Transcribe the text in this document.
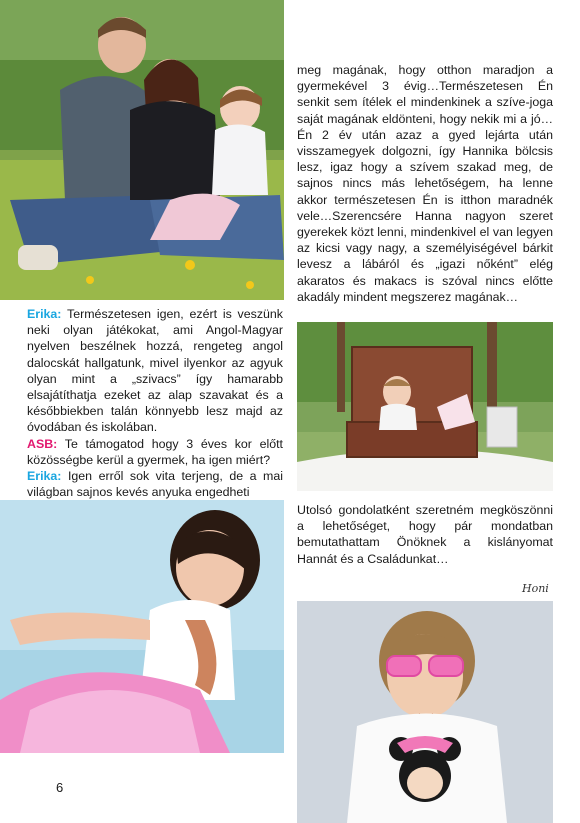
Erika: Természetesen igen, ezért is veszünk neki olyan játékokat, ami Angol-Magyar nyelven beszélnek hozzá, rengeteg angol dalocskát hallgatunk, mivel ilyenkor az agyuk olyan mint a „szivacs” így hamarabb elsajátíthatja ezeket az alap szavakat és a későbbiekben talán könnyebb lesz majd az óvodában és iskolában.

ASB: Te támogatod hogy 3 éves kor előtt közösségbe kerül a gyermek, ha igen miért?

Erika: Igen erről sok vita terjeng, de a mai világban sajnos kevés anyuka engedheti

6

meg magának, hogy otthon maradjon a gyermekével 3 évig…Természetesen Én senkit sem ítélek el mindenkinek a szíve-joga saját magának eldönteni, hogy nekik mi a jó…Én 2 év után azaz a gyed lejárta után visszamegyek dolgozni, így Hannika bölcsis lesz, igaz hogy a szívem szakad meg, de sajnos nincs más lehetőségem, ha lenne akkor természetesen Én is itthon maradnék vele…Szerencsére Hanna nagyon szeret gyerekek közt lenni, mindenkivel el van legyen az kicsi vagy nagy, a személyiségével bárkit levesz a lábáról és „igazi nőként” elég akaratos és makacs is szóval nincs előtte akadály mindent megszerez magának…

Utolsó gondolatként szeretném megköszönni a lehetőséget, hogy pár mondatban bemutathattam Önöknek a kislányomat Hannát és a Családunkat…

Honi
